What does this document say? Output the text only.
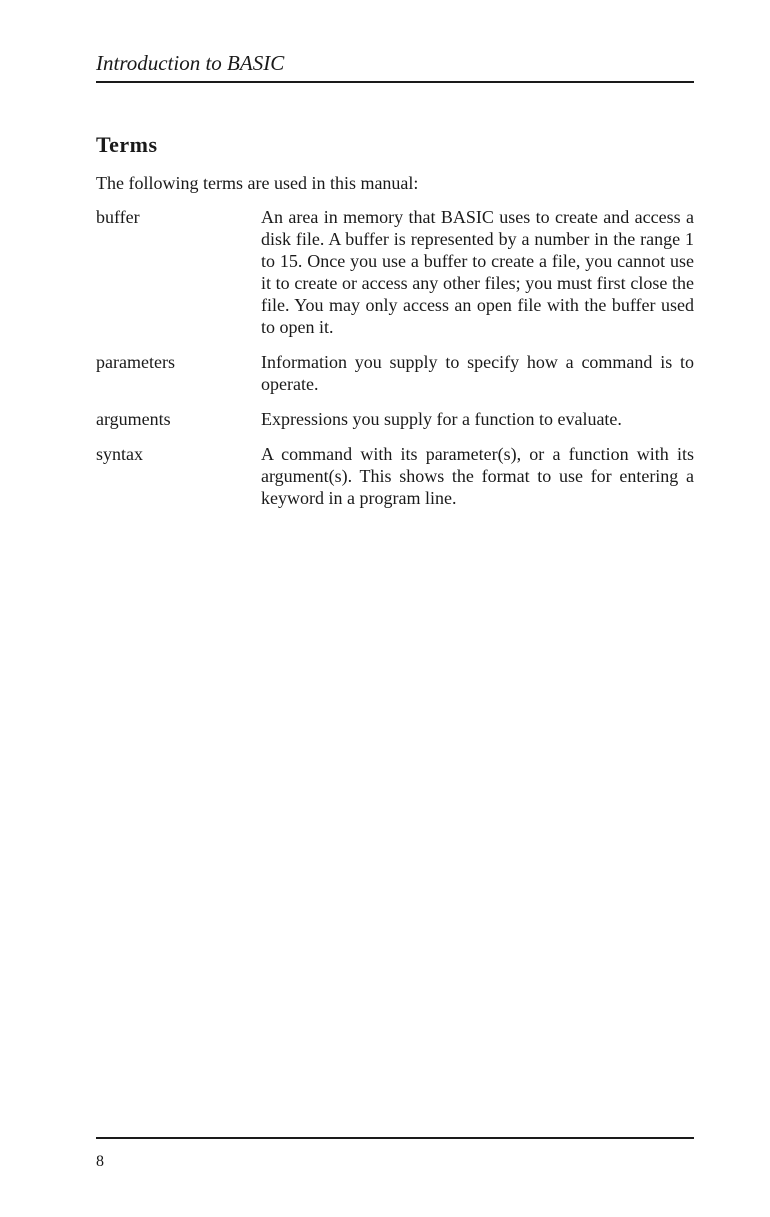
Introduction to BASIC
Terms
The following terms are used in this manual:
buffer	An area in memory that BASIC uses to create and access a disk file. A buffer is represented by a number in the range 1 to 15. Once you use a buffer to create a file, you cannot use it to create or access any other files; you must first close the file. You may only access an open file with the buffer used to open it.
parameters	Information you supply to specify how a command is to operate.
arguments	Expressions you supply for a function to evaluate.
syntax	A command with its parameter(s), or a function with its argument(s). This shows the format to use for entering a keyword in a program line.
8
